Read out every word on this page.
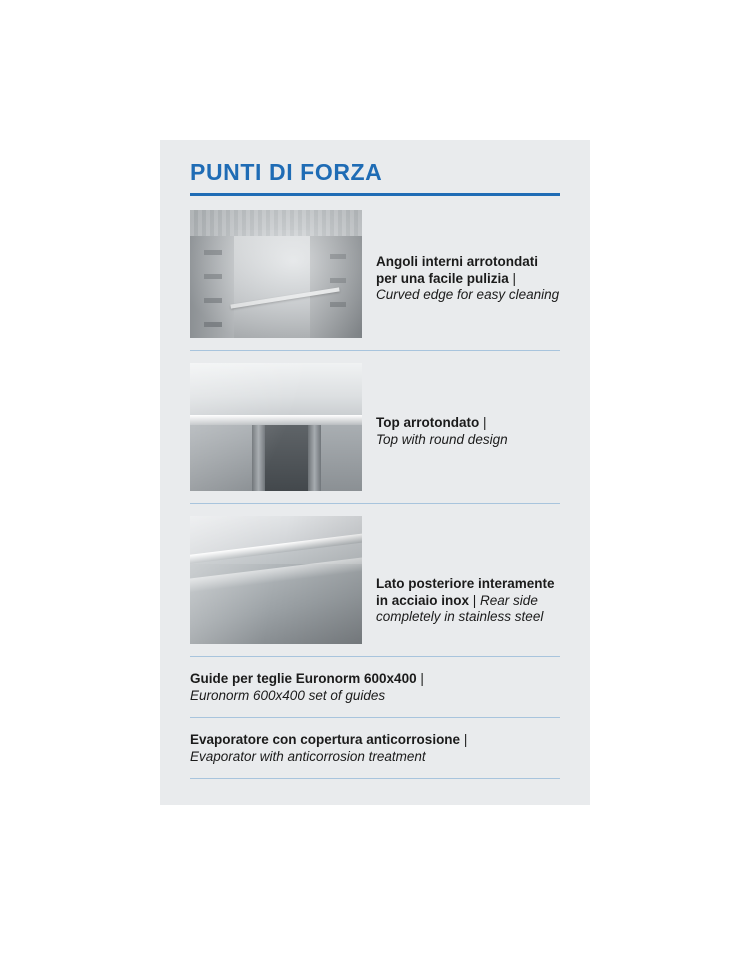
PUNTI DI FORZA
Angoli interni arrotondati per una facile pulizia | Curved edge for easy cleaning
Top arrotondato |
Top with round design
Lato posteriore interamente in acciaio inox | Rear side completely in stainless steel
Guide per teglie Euronorm 600x400 |
Euronorm 600x400 set of guides
Evaporatore con copertura anticorrosione |
Evaporator with anticorrosion treatment
